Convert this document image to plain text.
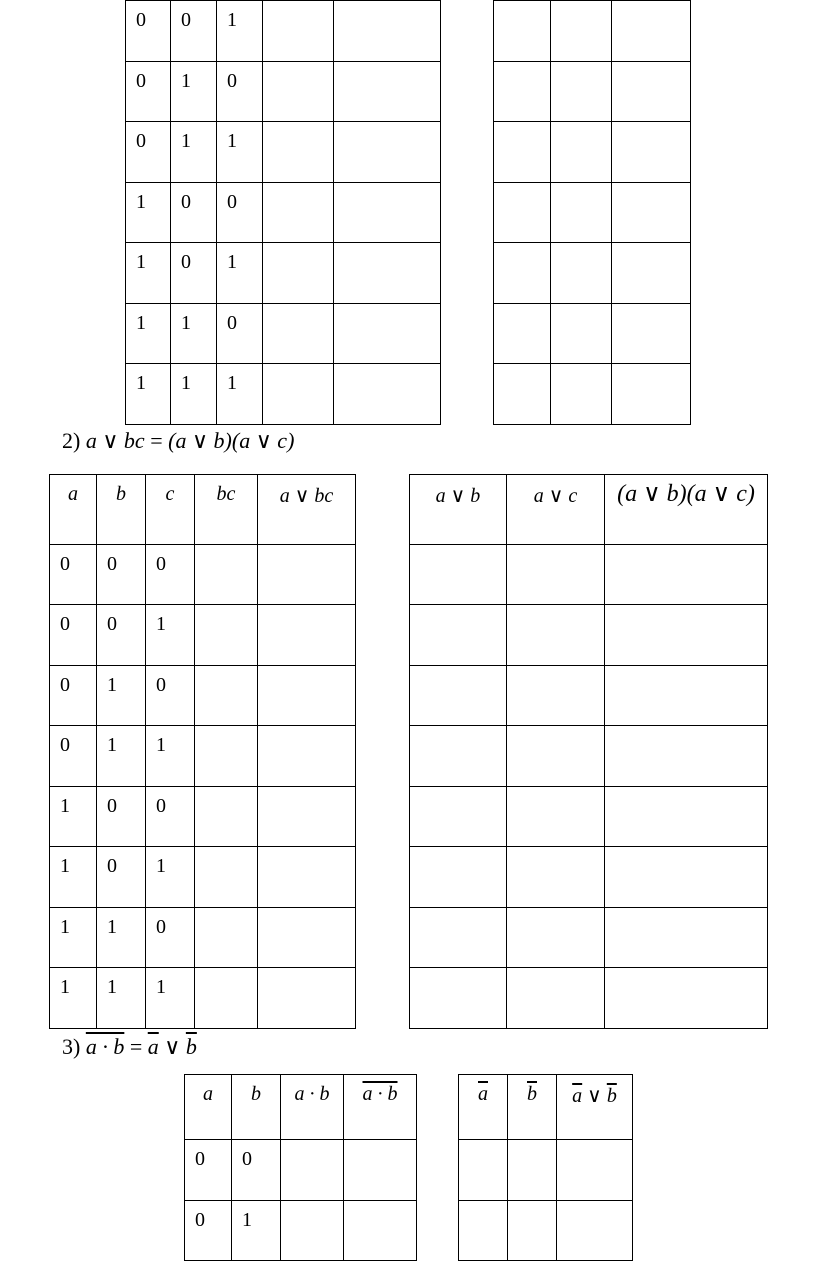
0	0	1		

0	1	0		

0	1	1		

1	0	0		

1	0	1		

1	1	0		

1	1	1		

2) a ∨ bc = (a ∨ b)(a ∨ c)
a	b	c	bc	a ∨ bc

0	0	0		

0	0	1		

0	1	0		

0	1	1		

1	0	0		

1	0	1		

1	1	0		

1	1	1		

a ∨ b	a ∨ c	(a ∨ b)(a ∨ c)

3) $a \cdot b = \overline{a}$ ∨ $\overline{b}$
a	b	a · b	a · b

0	0		

0	1		

$\overline{a}$	$\overline{b}$	$\overline{a}$ ∨ $\overline{b}$
